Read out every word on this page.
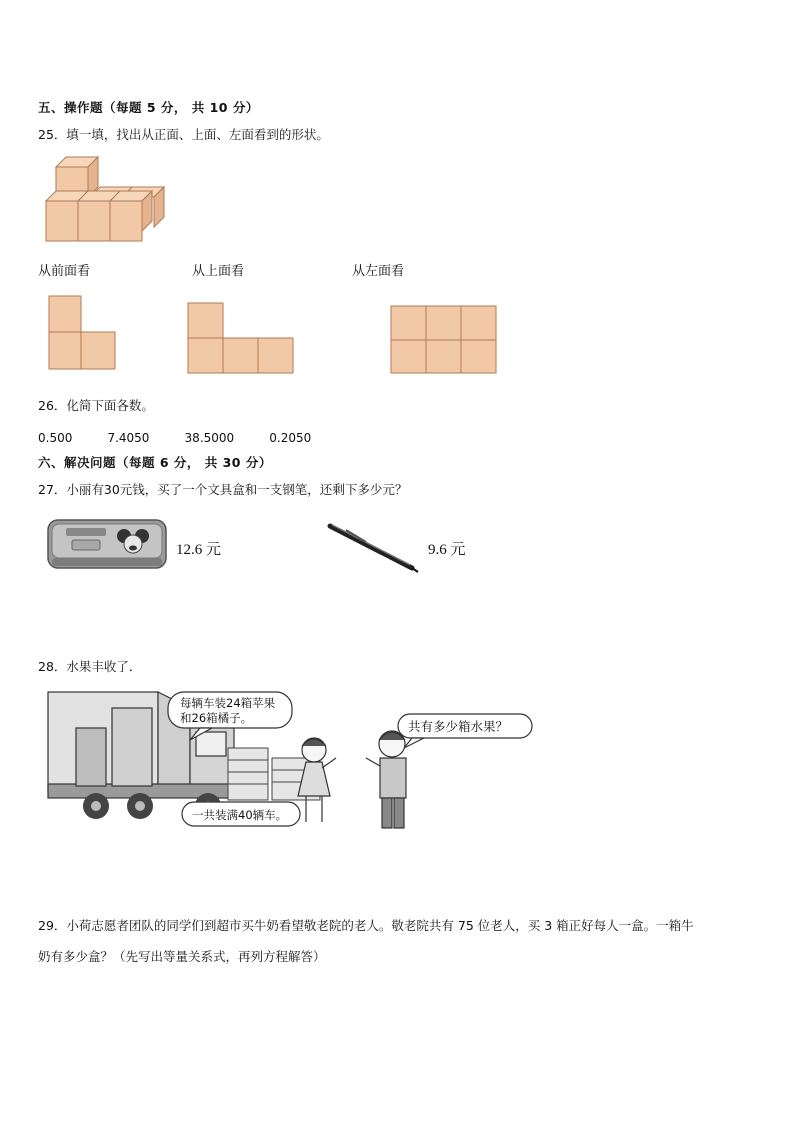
五、操作题（每题 5 分， 共 10 分）
25．填一填，找出从正面、上面、左面看到的形状。
从前面看	从上面看	从左面看
26．化简下面各数。
0.500	7.4050	38.5000	0.2050
六、解决问题（每题 6 分， 共 30 分）
27．小丽有30元钱，买了一个文具盒和一支钢笔，还剩下多少元？
12.6 元	9.6 元
28．水果丰收了．
每辆车装24箱苹果
和26箱橘子。
一共装满40辆车。
共有多少箱水果？
29．小荷志愿者团队的同学们到超市买牛奶看望敬老院的老人。敬老院共有 75 位老人，买 3 箱正好每人一盒。一箱牛
奶有多少盒？（先写出等量关系式，再列方程解答）
